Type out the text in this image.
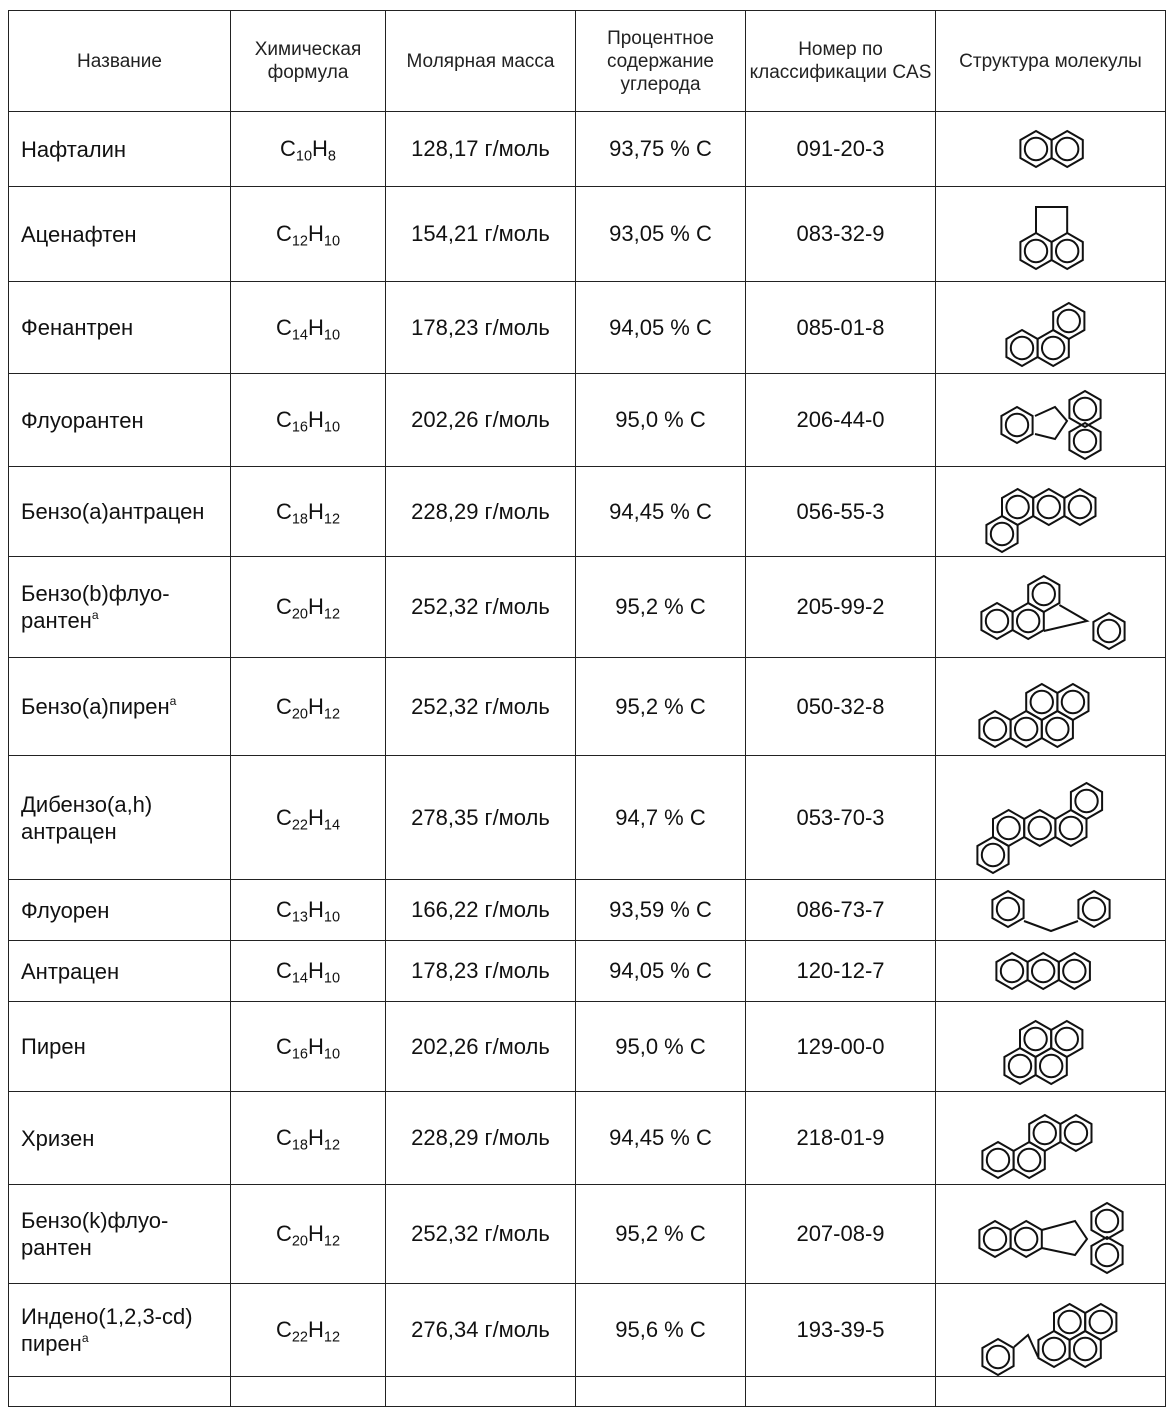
Название	Химическая формула	Молярная масса	Процентное содержание углерода	Номер по классификации CAS	Структура молекулы
Нафталин	$C_{10}H_8$	128,17 г/моль	93,75 % C	091-20-3	

Аценафтен	$C_{12}H_{10}$	154,21 г/моль	93,05 % C	083-32-9	

Фенантрен	$C_{14}H_{10}$	178,23 г/моль	94,05 % C	085-01-8	

Флуорантен	$C_{16}H_{10}$	202,26 г/моль	95,0 % C	206-44-0	

Бензо(а)антрацен	$C_{18}H_{12}$	228,29 г/моль	94,45 % C	056-55-3	

Бензо(b)флуо-рантен$^a$	$C_{20}H_{12}$	252,32 г/моль	95,2 % C	205-99-2	

Бензо(а)пирен$^a$	$C_{20}H_{12}$	252,32 г/моль	95,2 % C	050-32-8	

Дибензо(a,h) антрацен	$C_{22}H_{14}$	278,35 г/моль	94,7 % C	053-70-3	

Флуорен	$C_{13}H_{10}$	166,22 г/моль	93,59 % C	086-73-7	

Антрацен	$C_{14}H_{10}$	178,23 г/моль	94,05 % C	120-12-7	

Пирен	$C_{16}H_{10}$	202,26 г/моль	95,0 % C	129-00-0	

Хризен	$C_{18}H_{12}$	228,29 г/моль	94,45 % C	218-01-9	

Бензо(k)флуо-рантен	$C_{20}H_{12}$	252,32 г/моль	95,2 % C	207-08-9	

Индено(1,2,3-cd) пирен$^a$	$C_{22}H_{12}$	276,34 г/моль	95,6 % C	193-39-5	
